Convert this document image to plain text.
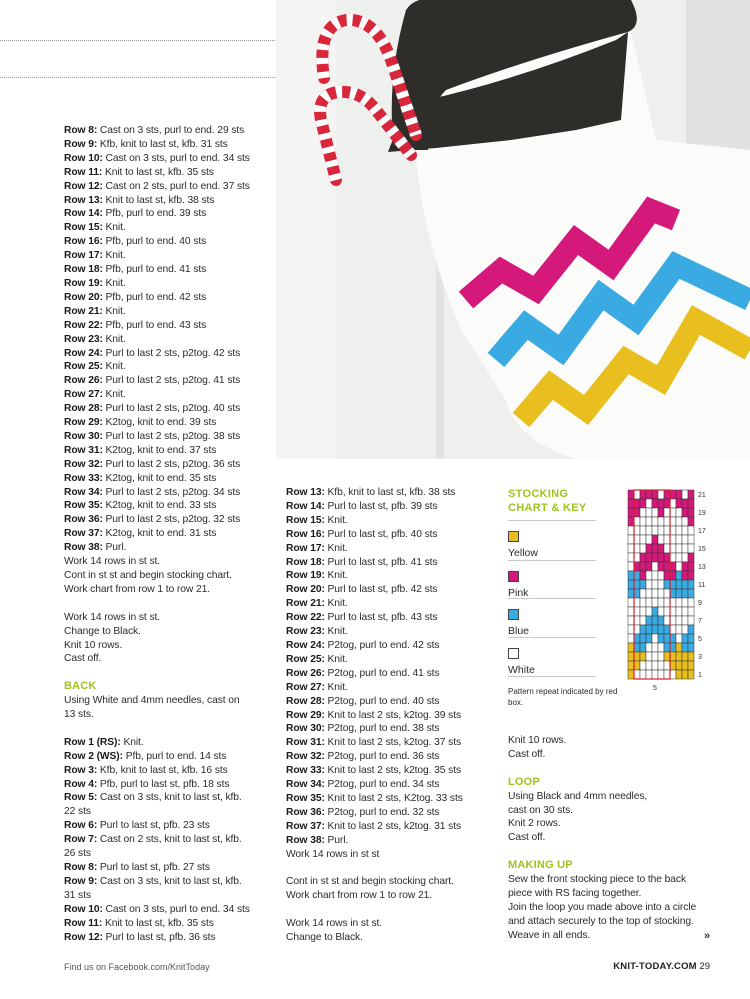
Row 8: Cast on 3 sts, purl to end. 29 sts
Row 9: Kfb, knit to last st, kfb. 31 sts
Row 10: Cast on 3 sts, purl to end. 34 sts
Row 11: Knit to last st, kfb. 35 sts
Row 12: Cast on 2 sts, purl to end. 37 sts
Row 13: Knit to last st, kfb. 38 sts
Row 14: Pfb, purl to end. 39 sts
Row 15: Knit.
Row 16: Pfb, purl to end. 40 sts
Row 17: Knit.
Row 18: Pfb, purl to end. 41 sts
Row 19: Knit.
Row 20: Pfb, purl to end. 42 sts
Row 21: Knit.
Row 22: Pfb, purl to end. 43 sts
Row 23: Knit.
Row 24: Purl to last 2 sts, p2tog. 42 sts
Row 25: Knit.
Row 26: Purl to last 2 sts, p2tog. 41 sts
Row 27: Knit.
Row 28: Purl to last 2 sts, p2tog. 40 sts
Row 29: K2tog, knit to end. 39 sts
Row 30: Purl to last 2 sts, p2tog. 38 sts
Row 31: K2tog, knit to end. 37 sts
Row 32: Purl to last 2 sts, p2tog. 36 sts
Row 33: K2tog, knit to end. 35 sts
Row 34: Purl to last 2 sts, p2tog. 34 sts
Row 35: K2tog, knit to end. 33 sts
Row 36: Purl to last 2 sts, p2tog. 32 sts
Row 37: K2tog, knit to end. 31 sts
Row 38: Purl.
Work 14 rows in st st.
Cont in st st and begin stocking chart.
Work chart from row 1 to row 21.
Work 14 rows in st st.
Change to Black.
Knit 10 rows.
Cast off.
BACK
Using White and 4mm needles, cast on
13 sts.
Row 1 (RS): Knit.
Row 2 (WS): Pfb, purl to end. 14 sts
Row 3: Kfb, knit to last st, kfb. 16 sts
Row 4: Pfb, purl to last st, pfb. 18 sts
Row 5: Cast on 3 sts, knit to last st, kfb.
22 sts
Row 6: Purl to last st, pfb. 23 sts
Row 7: Cast on 2 sts, knit to last st, kfb.
26 sts
Row 8: Purl to last st, pfb. 27 sts
Row 9: Cast on 3 sts, knit to last st, kfb.
31 sts
Row 10: Cast on 3 sts, purl to end. 34 sts
Row 11: Knit to last st, kfb. 35 sts
Row 12: Purl to last st, pfb. 36 sts
Row 13: Kfb, knit to last st, kfb. 38 sts
Row 14: Purl to last st, pfb. 39 sts
Row 15: Knit.
Row 16: Purl to last st, pfb. 40 sts
Row 17: Knit.
Row 18: Purl to last st, pfb. 41 sts
Row 19: Knit.
Row 20: Purl to last st, pfb. 42 sts
Row 21: Knit.
Row 22: Purl to last st, pfb. 43 sts
Row 23: Knit.
Row 24: P2tog, purl to end. 42 sts
Row 25: Knit.
Row 26: P2tog, purl to end. 41 sts
Row 27: Knit.
Row 28: P2tog, purl to end. 40 sts
Row 29: Knit to last 2 sts, k2tog. 39 sts
Row 30: P2tog, purl to end. 38 sts
Row 31: Knit to last 2 sts, k2tog. 37 sts
Row 32: P2tog, purl to end. 36 sts
Row 33: Knit to last 2 sts, k2tog. 35 sts
Row 34: P2tog, purl to end. 34 sts
Row 35: Knit to last 2 sts, K2tog. 33 sts
Row 36: P2tog, purl to end. 32 sts
Row 37: Knit to last 2 sts, k2tog. 31 sts
Row 38: Purl.
Work 14 rows in st st
Cont in st st and begin stocking chart.
Work chart from row 1 to row 21.
Work 14 rows in st st.
Change to Black.
STOCKING
CHART & KEY
Yellow
Pink
Blue
White
Pattern repeat indicated by red box.
1
3
5
7
9
11
13
15
17
19
21
5
Knit 10 rows.
Cast off.
LOOP
Using Black and 4mm needles,
cast on 30 sts.
Knit 2 rows.
Cast off.
MAKING UP
Sew the front stocking piece to the back
piece with RS facing together.
Join the loop you made above into a circle
and attach securely to the top of stocking.
Weave in all ends.	»
Find us on Facebook.com/KnitToday	KNIT-TODAY.COM 29
